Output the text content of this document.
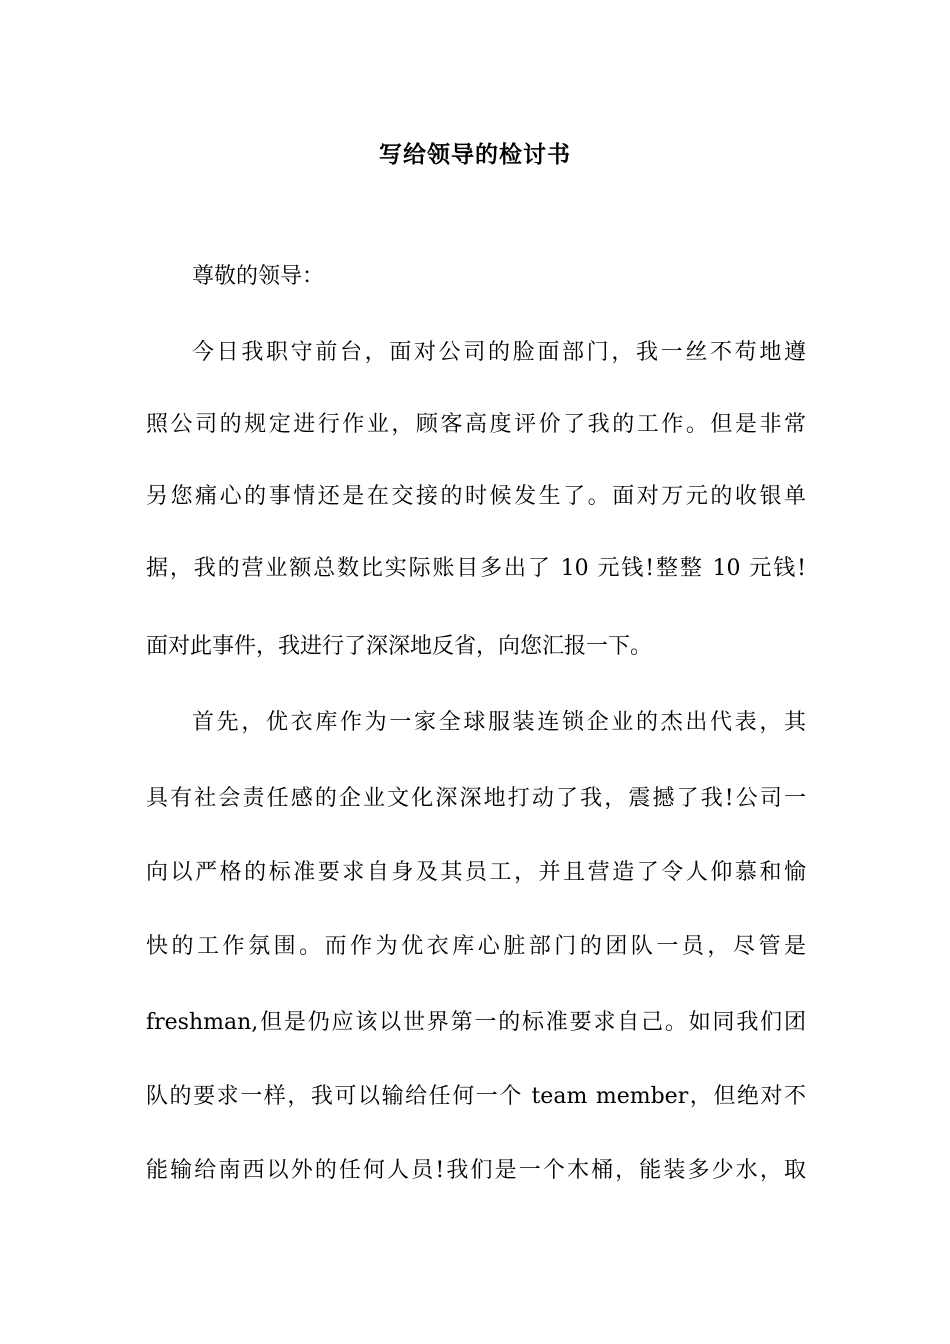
写给领导的检讨书
尊敬的领导：
今日我职守前台，面对公司的脸面部门，我一丝不苟地遵
照公司的规定进行作业，顾客高度评价了我的工作。但是非常
另您痛心的事情还是在交接的时候发生了。面对万元的收银单
据，我的营业额总数比实际账目多出了 10 元钱!整整 10 元钱!
面对此事件，我进行了深深地反省，向您汇报一下。
首先，优衣库作为一家全球服装连锁企业的杰出代表，其
具有社会责任感的企业文化深深地打动了我，震撼了我!公司一
向以严格的标准要求自身及其员工，并且营造了令人仰慕和愉
快的工作氛围。而作为优衣库心脏部门的团队一员，尽管是
freshman,但是仍应该以世界第一的标准要求自己。如同我们团
队的要求一样，我可以输给任何一个 team member，但绝对不
能输给南西以外的任何人员!我们是一个木桶，能装多少水，取
